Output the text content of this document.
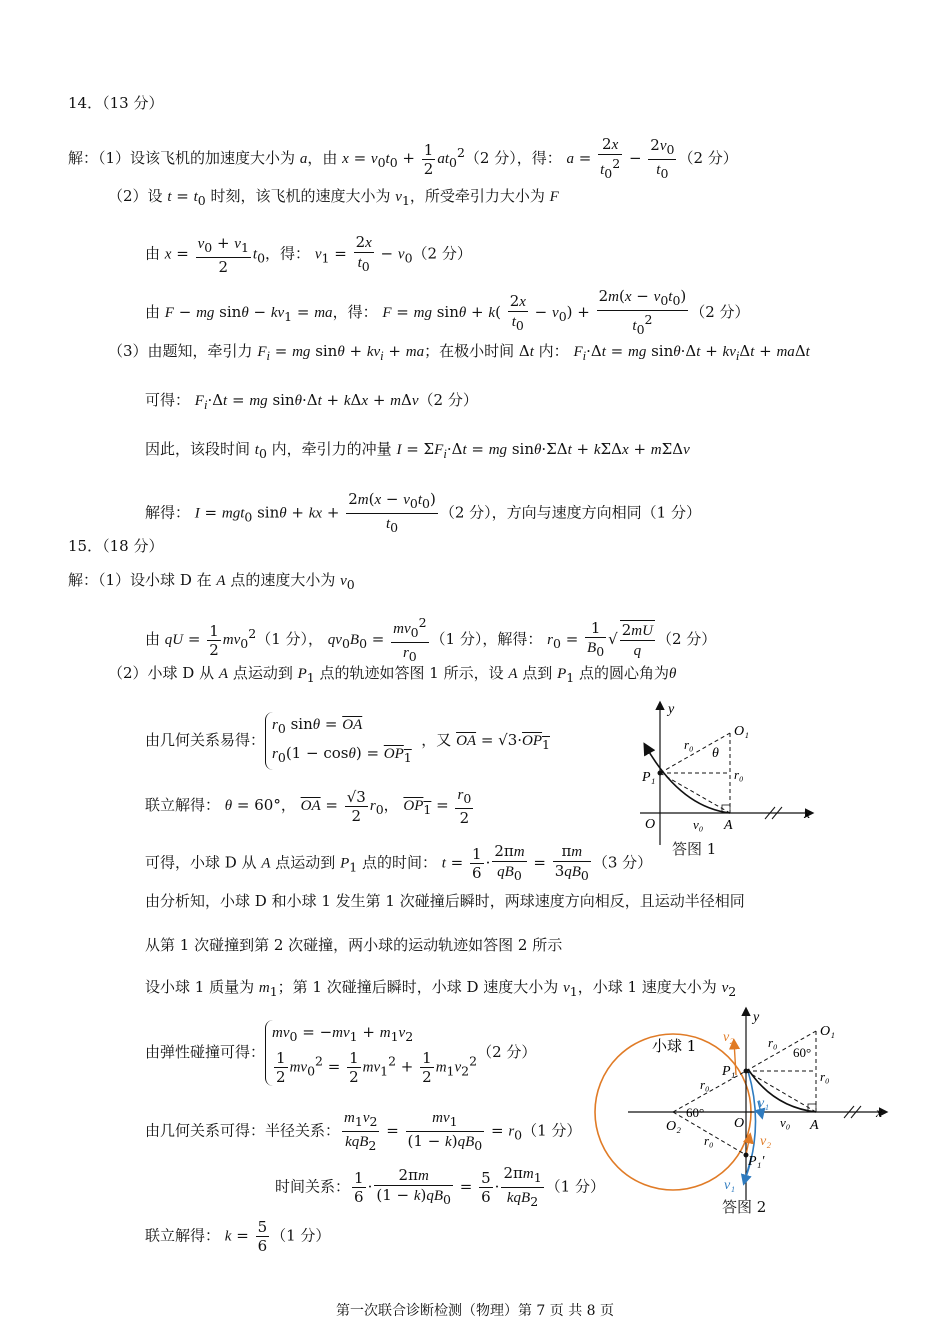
14．（13 分）
解：（1）设该飞机的加速度大小为 a，由 $x = v_0t_0 + \frac{1}{2} at_0^2(2$ 分），得： $a = \frac{2x}{t_0^2} - \frac{2v_0}{t_0} (2$ 分）
（2）设 $t = t_0$ 时刻，该飞机的速度大小为 $v_1$，所受牵引力大小为 F
由 $x = \frac{v_0 + v_1}{2} t_0$，得： $v_1 = \frac{2x}{t_0} - v_0(2$ 分）
由 F − mg $\sin\theta - kv_1$ = ma，得： F = mg $\sin\theta + k( \frac{2x}{t_0} - v_0) + \frac{2m(x - v_0t_0)}{t_0^2} (2$ 分）
（3）由题知，牵引力 $F_i$ = mg $\sin\theta + kv_i$ + ma；在极小时间 Δt 内： $F_i\cdot\Delta t$ = mg $\sin\theta\cdot\Delta t + kv_i\Delta t + ma\Delta t$
可得： $F_i\cdot\Delta t$ = mg sinθ·Δt + kΔx + mΔv（2 分）
因此，该段时间 $t_0$ 内，牵引力的冲量 $I = \Sigma F_i\cdot\Delta t$ = mg sinθ·ΣΔt + kΣΔx + mΣΔv
解得： I = mgt$_0$ sinθ + kx + $\frac{2m(x - v_0t_0)}{t_0} (2$ 分），方向与速度方向相同（1 分）
15．（18 分）
解：（1）设小球 D 在 A 点的速度大小为 $v_0$
由 qU = $\frac{1}{2} mv_0^2(1$ 分）， $qv_0B_0 = \frac{mv_0^2}{r_0} (1$ 分），解得： $r_0 = \frac{1}{B_0}$ √ $\frac{2mU}{q} (2$ 分）
（2）小球 D 从 A 点运动到 $P_1$ 点的轨迹如答图 1 所示，设 A 点到 $P_1$ 点的圆心角为θ
由几何关系易得：
$r_0$ $\sin\theta = \overline{OA}$
$r_0(1 - \cos\theta) = OP_1$
，又 $\overline{OA} = √3\cdot OP_1$
联立解得： θ = 60°， $\overline{OA} = \frac{√3}{2} r_0$， $OP_1 = \frac{r_0}{2}$
可得，小球 D 从 A 点运动到 $P_1$ 点的时间： $t = \frac{1}{6} \cdot \frac{2\pi m}{qB_0} = \frac{\pi m}{3qB_0} (3$ 分）
由分析知，小球 D 和小球 1 发生第 1 次碰撞后瞬时，两球速度方向相反，且运动半径相同
从第 1 次碰撞到第 2 次碰撞，两小球的运动轨迹如答图 2 所示
设小球 1 质量为 $m_1$；第 1 次碰撞后瞬时，小球 D 速度大小为 $v_1$，小球 1 速度大小为 $v_2$
由弹性碰撞可得：
$mv_0 = -mv_1 + m_1v_2$
$\frac{1}{2} mv_0^2 = \frac{1}{2} mv_1^2 + \frac{1}{2} m_1v_2^2$ （2 分）
由几何关系可得：半径关系：
$m_1v_2$
kqB$_2$
= $\frac{mv_1}{(1 - k)qB_0} = r_0(1$ 分）
时间关系： $\frac{1}{6} \cdot \frac{2\pi m}{(1 - k)qB_0} = \frac{5}{6}$ ·
$2\pi m_1$
kqB$_2$
（1 分）
联立解得： $k = \frac{5}{6} (1$ 分）
y
x
O	A
P₁
O₁
r₀
r₀
θ
v₀
答图 1
y
x
O	A
O₁
O₂
P₁
P₁′
v₂
v₂
v₁
v₁
v₀
r₀
r₀
r₀
r₀
60°
60°
小球 1
答图 2
第一次联合诊断检测（物理）第 7 页 共 8 页
